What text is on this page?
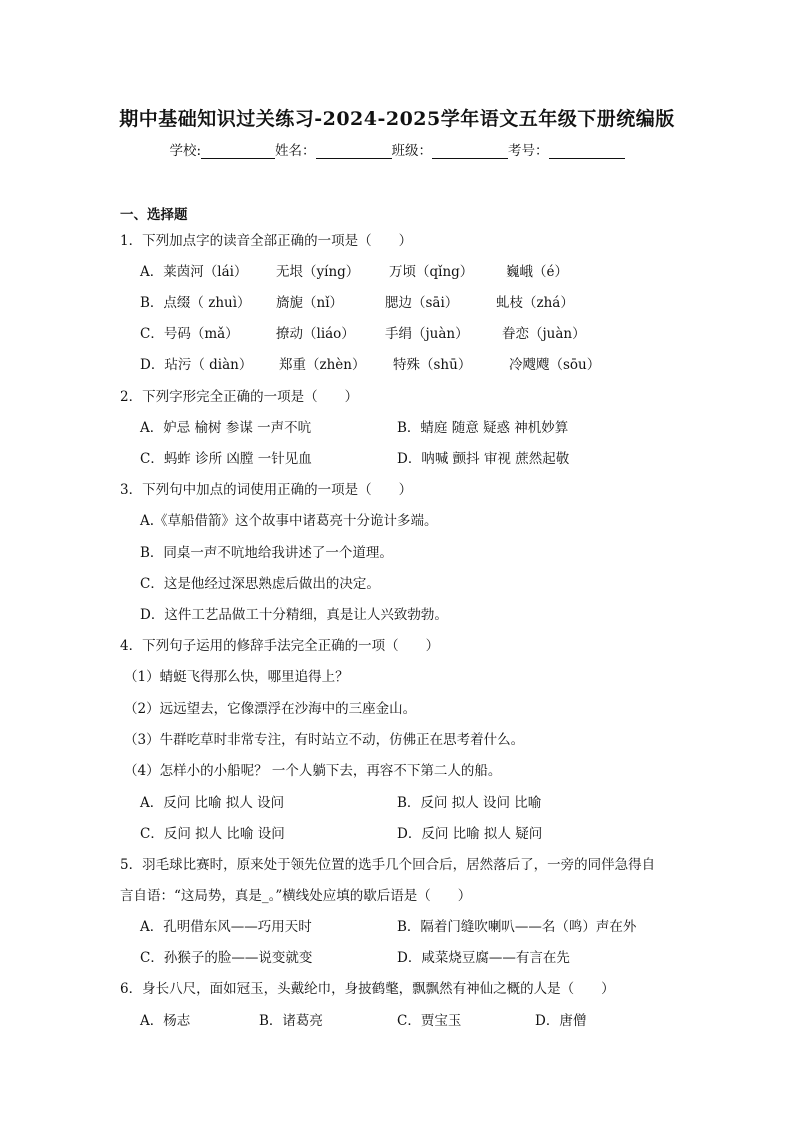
期中基础知识过关练习-2024-2025学年语文五年级下册统编版
学校:	姓名：	班级：	考号：
一、选择题
1．下列加点字的读音全部正确的一项是（　　）
A．莱茵河（lái） 无垠（yíng） 万顷（qǐng） 巍峨（é）
B．点缀（ zhuì） 旖旎（nǐ）	腮边（sāi）	虬枝（zhá）
C．号码（mǎ）	撩动（liáo） 手绢（juàn） 眷恋（juàn）
D．玷污（ diàn） 郑重（zhèn） 特殊（shū）	冷飕飕（sōu）
2．下列字形完全正确的一项是（　　）
A．妒忌 榆树 参谋 一声不吭	B．蜻庭 随意 疑惑 神机妙算
C．蚂蚱 诊所 凶膛 一针见血	D．呐喊 颤抖 审视 蔗然起敬
3．下列句中加点的词使用正确的一项是（　　）
A.《草船借箭》这个故事中诸葛亮十分诡计多端。
B．同桌一声不吭地给我讲述了一个道理。
C．这是他经过深思熟虑后做出的决定。
D．这件工艺品做工十分精细，真是让人兴致勃勃。
4．下列句子运用的修辞手法完全正确的一项（　　）
（1）蜻蜓飞得那么快，哪里追得上？
（2）远远望去，它像漂浮在沙海中的三座金山。
（3）牛群吃草时非常专注，有时站立不动，仿佛正在思考着什么。
（4）怎样小的小船呢？ 一个人躺下去，再容不下第二人的船。
A．反问 比喻 拟人 设问	B．反问 拟人 设问 比喻
C．反问 拟人 比喻 设问	D．反问 比喻 拟人 疑问
5．羽毛球比赛时，原来处于领先位置的选手几个回合后，居然落后了，一旁的同伴急得自
言自语：“这局势，真是_。”横线处应填的歇后语是（　　）
A．孔明借东风——巧用天时	B．隔着门缝吹喇叭——名（鸣）声在外
C．孙猴子的脸——说变就变	D．咸菜烧豆腐——有言在先
6．身长八尺，面如冠玉，头戴纶巾，身披鹤氅，飘飘然有神仙之概的人是（　　）
A．杨志	B．诸葛亮	C．贾宝玉	D．唐僧
